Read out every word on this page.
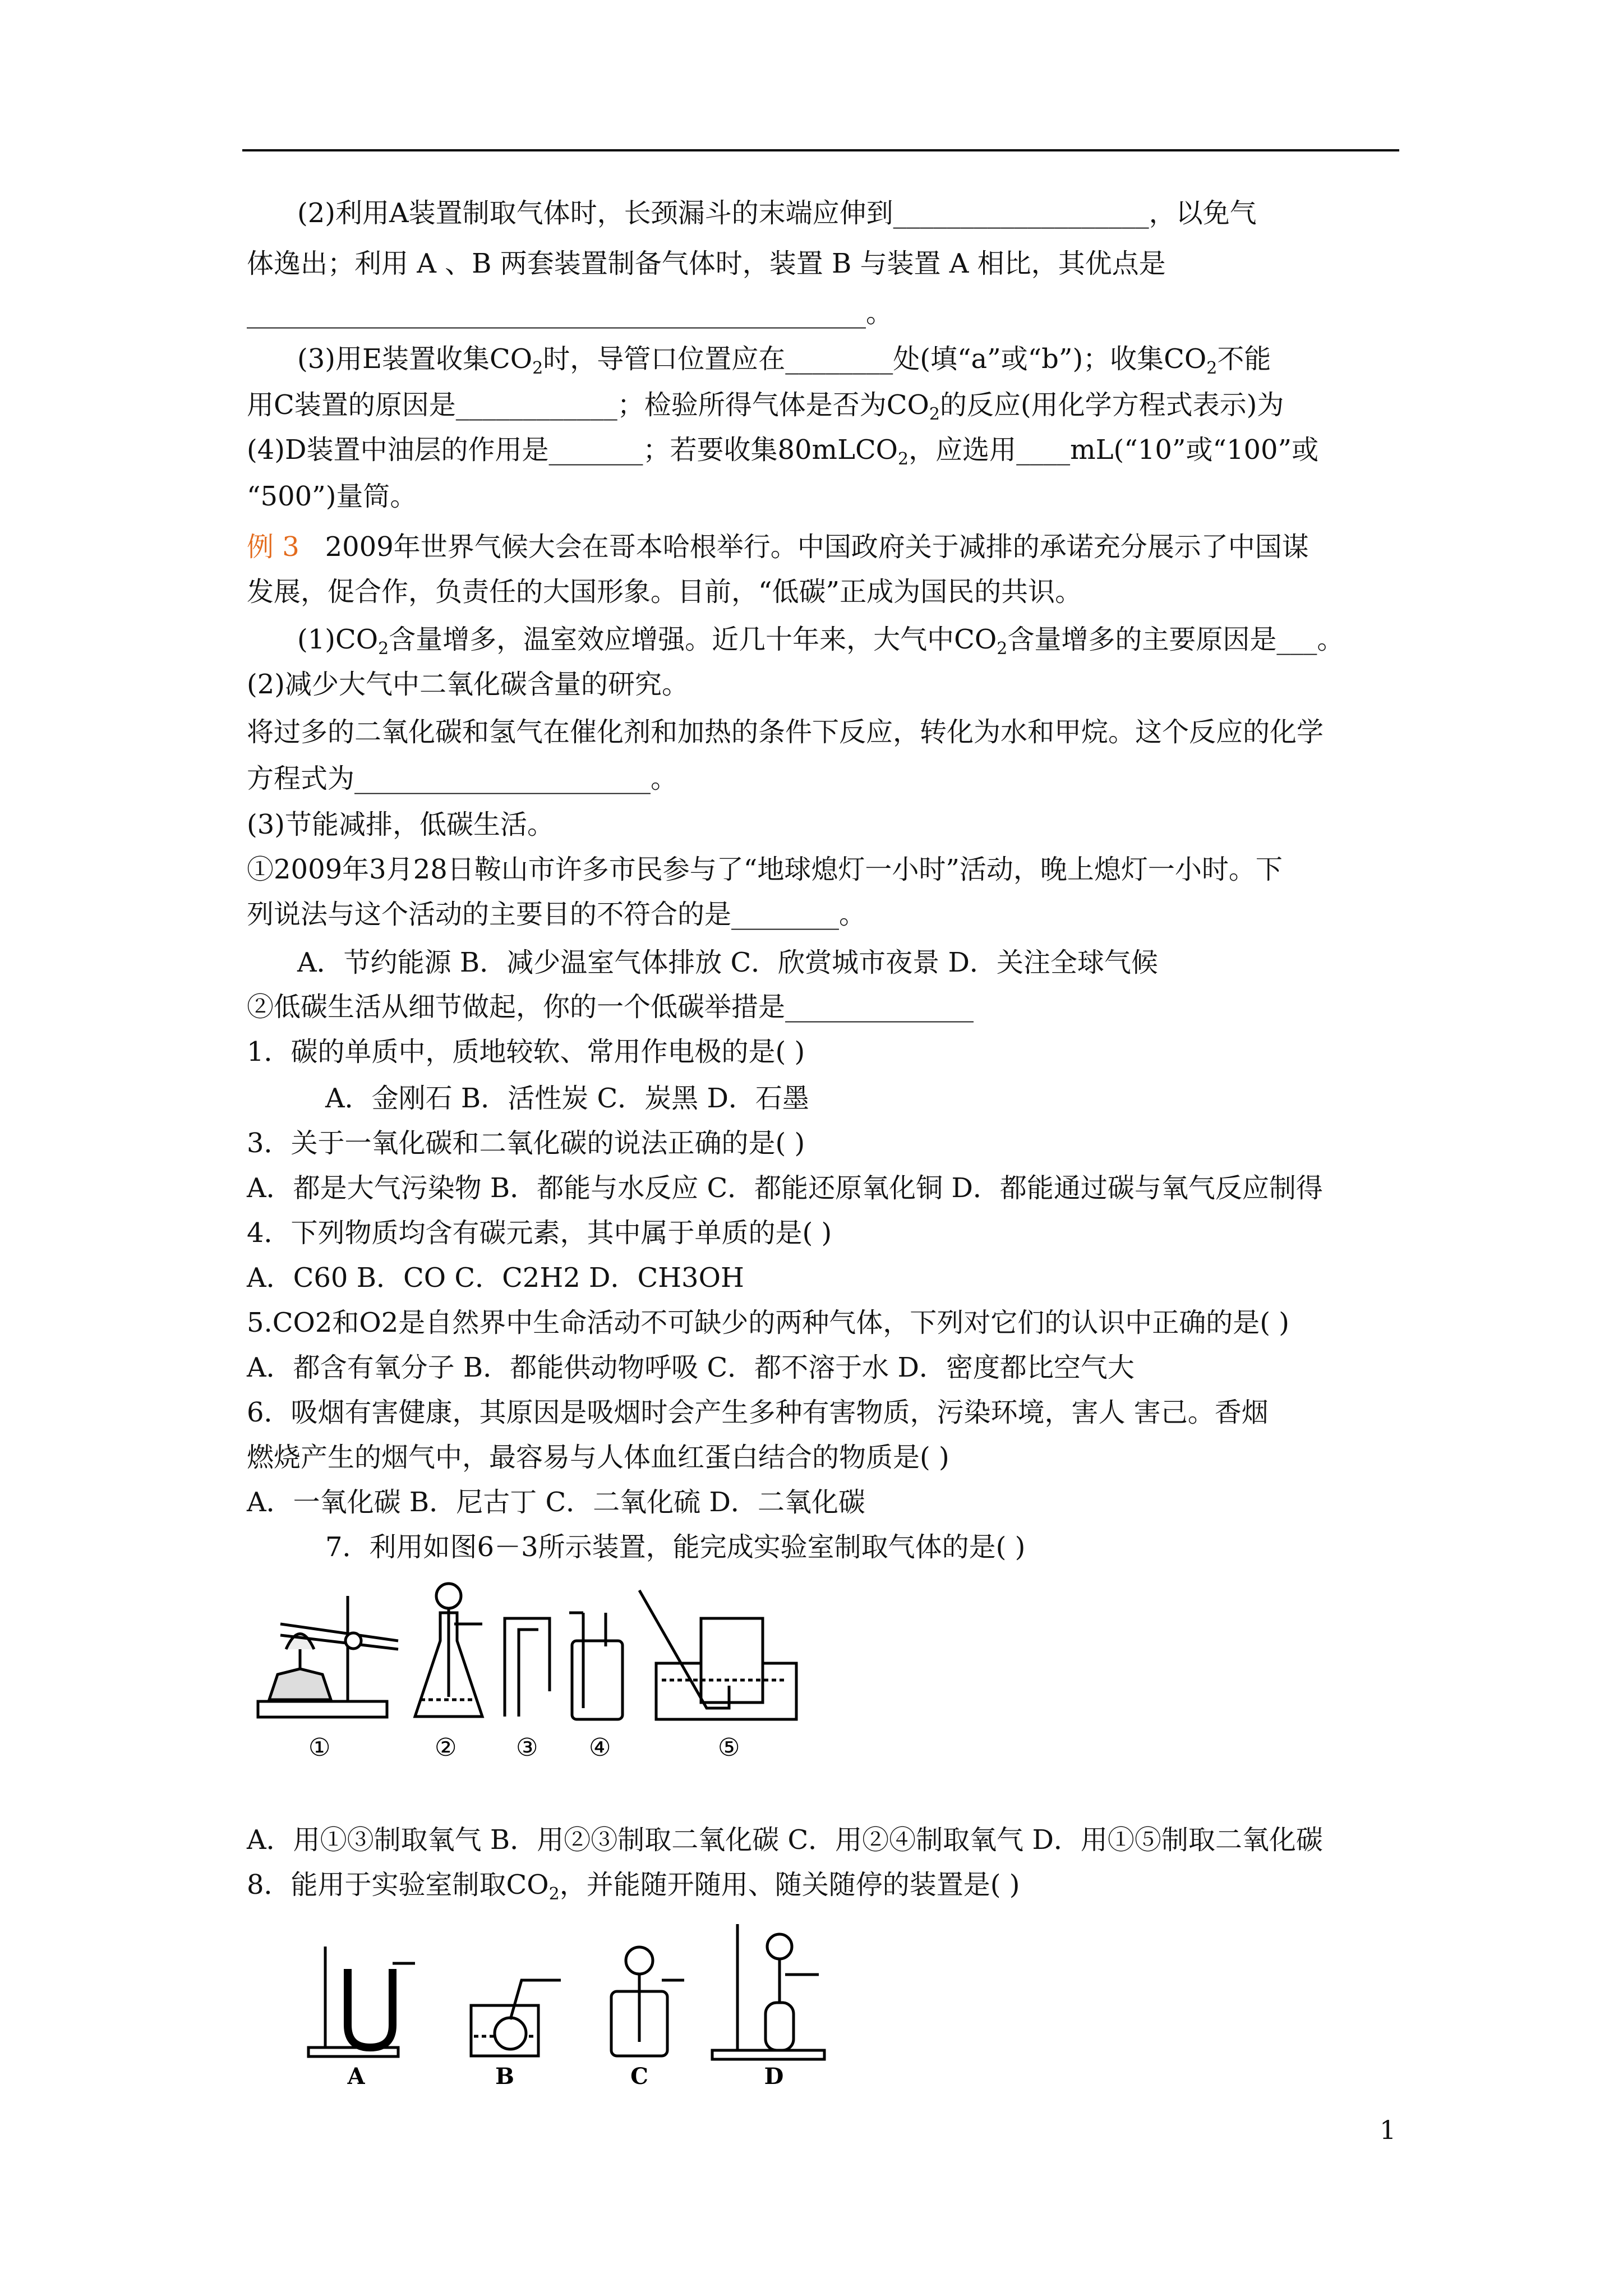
(2)利用A装置制取气体时，长颈漏斗的末端应伸到___________________，以免气
体逸出；利用 A 、B 两套装置制备气体时，装置 B 与装置 A 相比，其优点是
______________________________________________。
(3)用E装置收集$CO_2$时，导管口位置应在________处(填“a”或“b”)；收集$CO_2$不能
用C装置的原因是____________；检验所得气体是否为$CO_2$的反应(用化学方程式表示)为
(4)D装置中油层的作用是_______；若要收集80mLCO$_2$，应选用____mL(“10”或“100”或
“500”)量筒。
例 3 2009年世界气候大会在哥本哈根举行。中国政府关于减排的承诺充分展示了中国谋
发展，促合作，负责任的大国形象。目前，“低碳”正成为国民的共识。
$(1)CO_2$含量增多，温室效应增强。近几十年来，大气中$CO_2$含量增多的主要原因是___。
(2)减少大气中二氧化碳含量的研究。
将过多的二氧化碳和氢气在催化剂和加热的条件下反应，转化为水和甲烷。这个反应的化学
方程式为______________________。
(3)节能减排，低碳生活。
①2009年3月28日鞍山市许多市民参与了“地球熄灯一小时”活动，晚上熄灯一小时。下
列说法与这个活动的主要目的不符合的是________。
A．节约能源 B．减少温室气体排放 C．欣赏城市夜景 D．关注全球气候
②低碳生活从细节做起，你的一个低碳举措是______________
1．碳的单质中，质地较软、常用作电极的是( )
A．金刚石 B．活性炭 C．炭黑 D．石墨
3．关于一氧化碳和二氧化碳的说法正确的是( )
A．都是大气污染物 B．都能与水反应 C．都能还原氧化铜 D．都能通过碳与氧气反应制得
4．下列物质均含有碳元素，其中属于单质的是( )
A．C60 B．CO C．C2H2 D．CH3OH
5.CO2和O2是自然界中生命活动不可缺少的两种气体，下列对它们的认识中正确的是( )
A．都含有氧分子 B．都能供动物呼吸 C．都不溶于水 D．密度都比空气大
6．吸烟有害健康，其原因是吸烟时会产生多种有害物质，污染环境，害人 害己。香烟
燃烧产生的烟气中，最容易与人体血红蛋白结合的物质是( )
A．一氧化碳 B．尼古丁 C．二氧化硫 D．二氧化碳
7．利用如图6－3所示装置，能完成实验室制取气体的是( )
①	② ③ ④	⑤
A．用①③制取氧气 B．用②③制取二氧化碳 C．用②④制取氧气 D．用①⑤制取二氧化碳
8．能用于实验室制取$CO_2$，并能随开随用、随关随停的装置是( )
A	B	C	D
1
